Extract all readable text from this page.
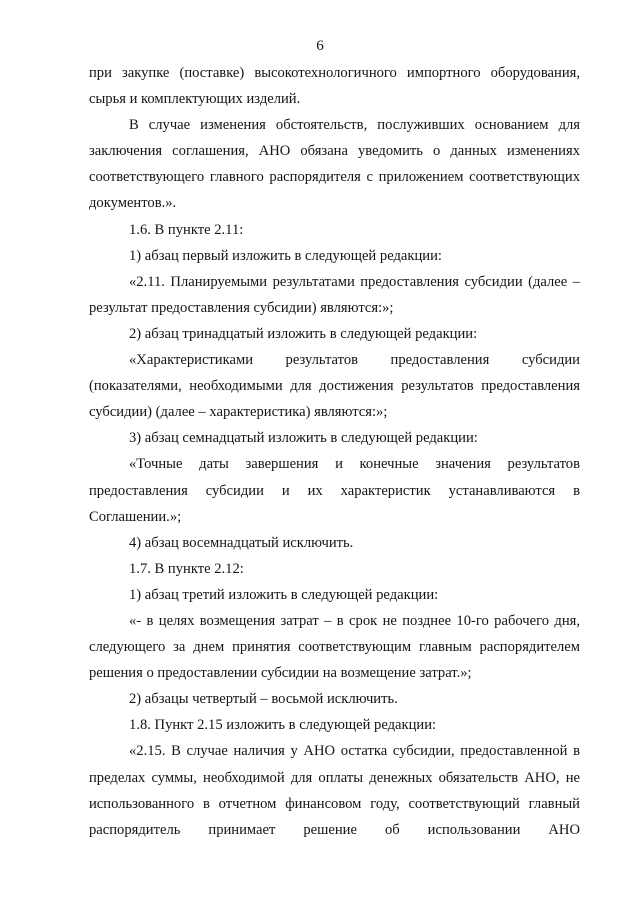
6

при закупке (поставке) высокотехнологичного импортного оборудования, сырья и комплектующих изделий.

В случае изменения обстоятельств, послуживших основанием для заключения соглашения, АНО обязана уведомить о данных изменениях соответствующего главного распорядителя с приложением соответствующих документов.».

1.6. В пункте 2.11:

1) абзац первый изложить в следующей редакции:

«2.11. Планируемыми результатами предоставления субсидии (далее – результат предоставления субсидии) являются:»;

2) абзац тринадцатый изложить в следующей редакции:

«Характеристиками результатов предоставления субсидии (показателями, необходимыми для достижения результатов предоставления субсидии) (далее – характеристика) являются:»;

3) абзац семнадцатый изложить в следующей редакции:

«Точные даты завершения и конечные значения результатов предоставления субсидии и их характеристик устанавливаются в Соглашении.»;

4) абзац восемнадцатый исключить.

1.7. В пункте 2.12:

1) абзац третий изложить в следующей редакции:

«- в целях возмещения затрат – в срок не позднее 10-го рабочего дня, следующего за днем принятия соответствующим главным распорядителем решения о предоставлении субсидии на возмещение затрат.»;

2) абзацы четвертый – восьмой исключить.

1.8. Пункт 2.15 изложить в следующей редакции:

«2.15. В случае наличия у АНО остатка субсидии, предоставленной в пределах суммы, необходимой для оплаты денежных обязательств АНО, не использованного в отчетном финансовом году, соответствующий главный распорядитель принимает решение об использовании АНО
